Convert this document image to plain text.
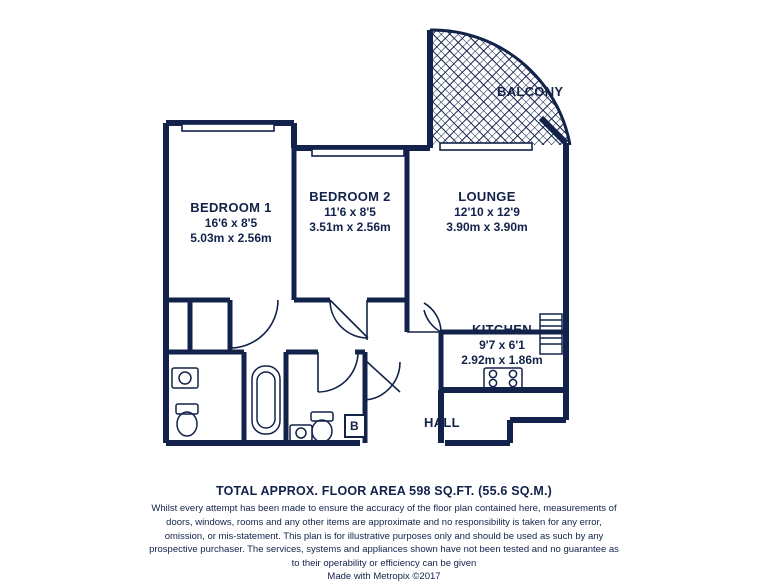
BALCONY
BEDROOM 1
16'6 x 8'5
5.03m x 2.56m
BEDROOM 2
11'6 x 8'5
3.51m x 2.56m
LOUNGE
12'10 x 12'9
3.90m x 3.90m
KITCHEN
9'7 x 6'1
2.92m x 1.86m
HALL
B
TOTAL APPROX. FLOOR AREA 598 SQ.FT. (55.6 SQ.M.)
Whilst every attempt has been made to ensure the accuracy of the floor plan contained here, measurements of doors, windows, rooms and any other items are approximate and no responsibility is taken for any error, omission, or mis-statement. This plan is for illustrative purposes only and should be used as such by any prospective purchaser. The services, systems and appliances shown have not been tested and no guarantee as to their operability or efficiency can be given
Made with Metropix ©2017
